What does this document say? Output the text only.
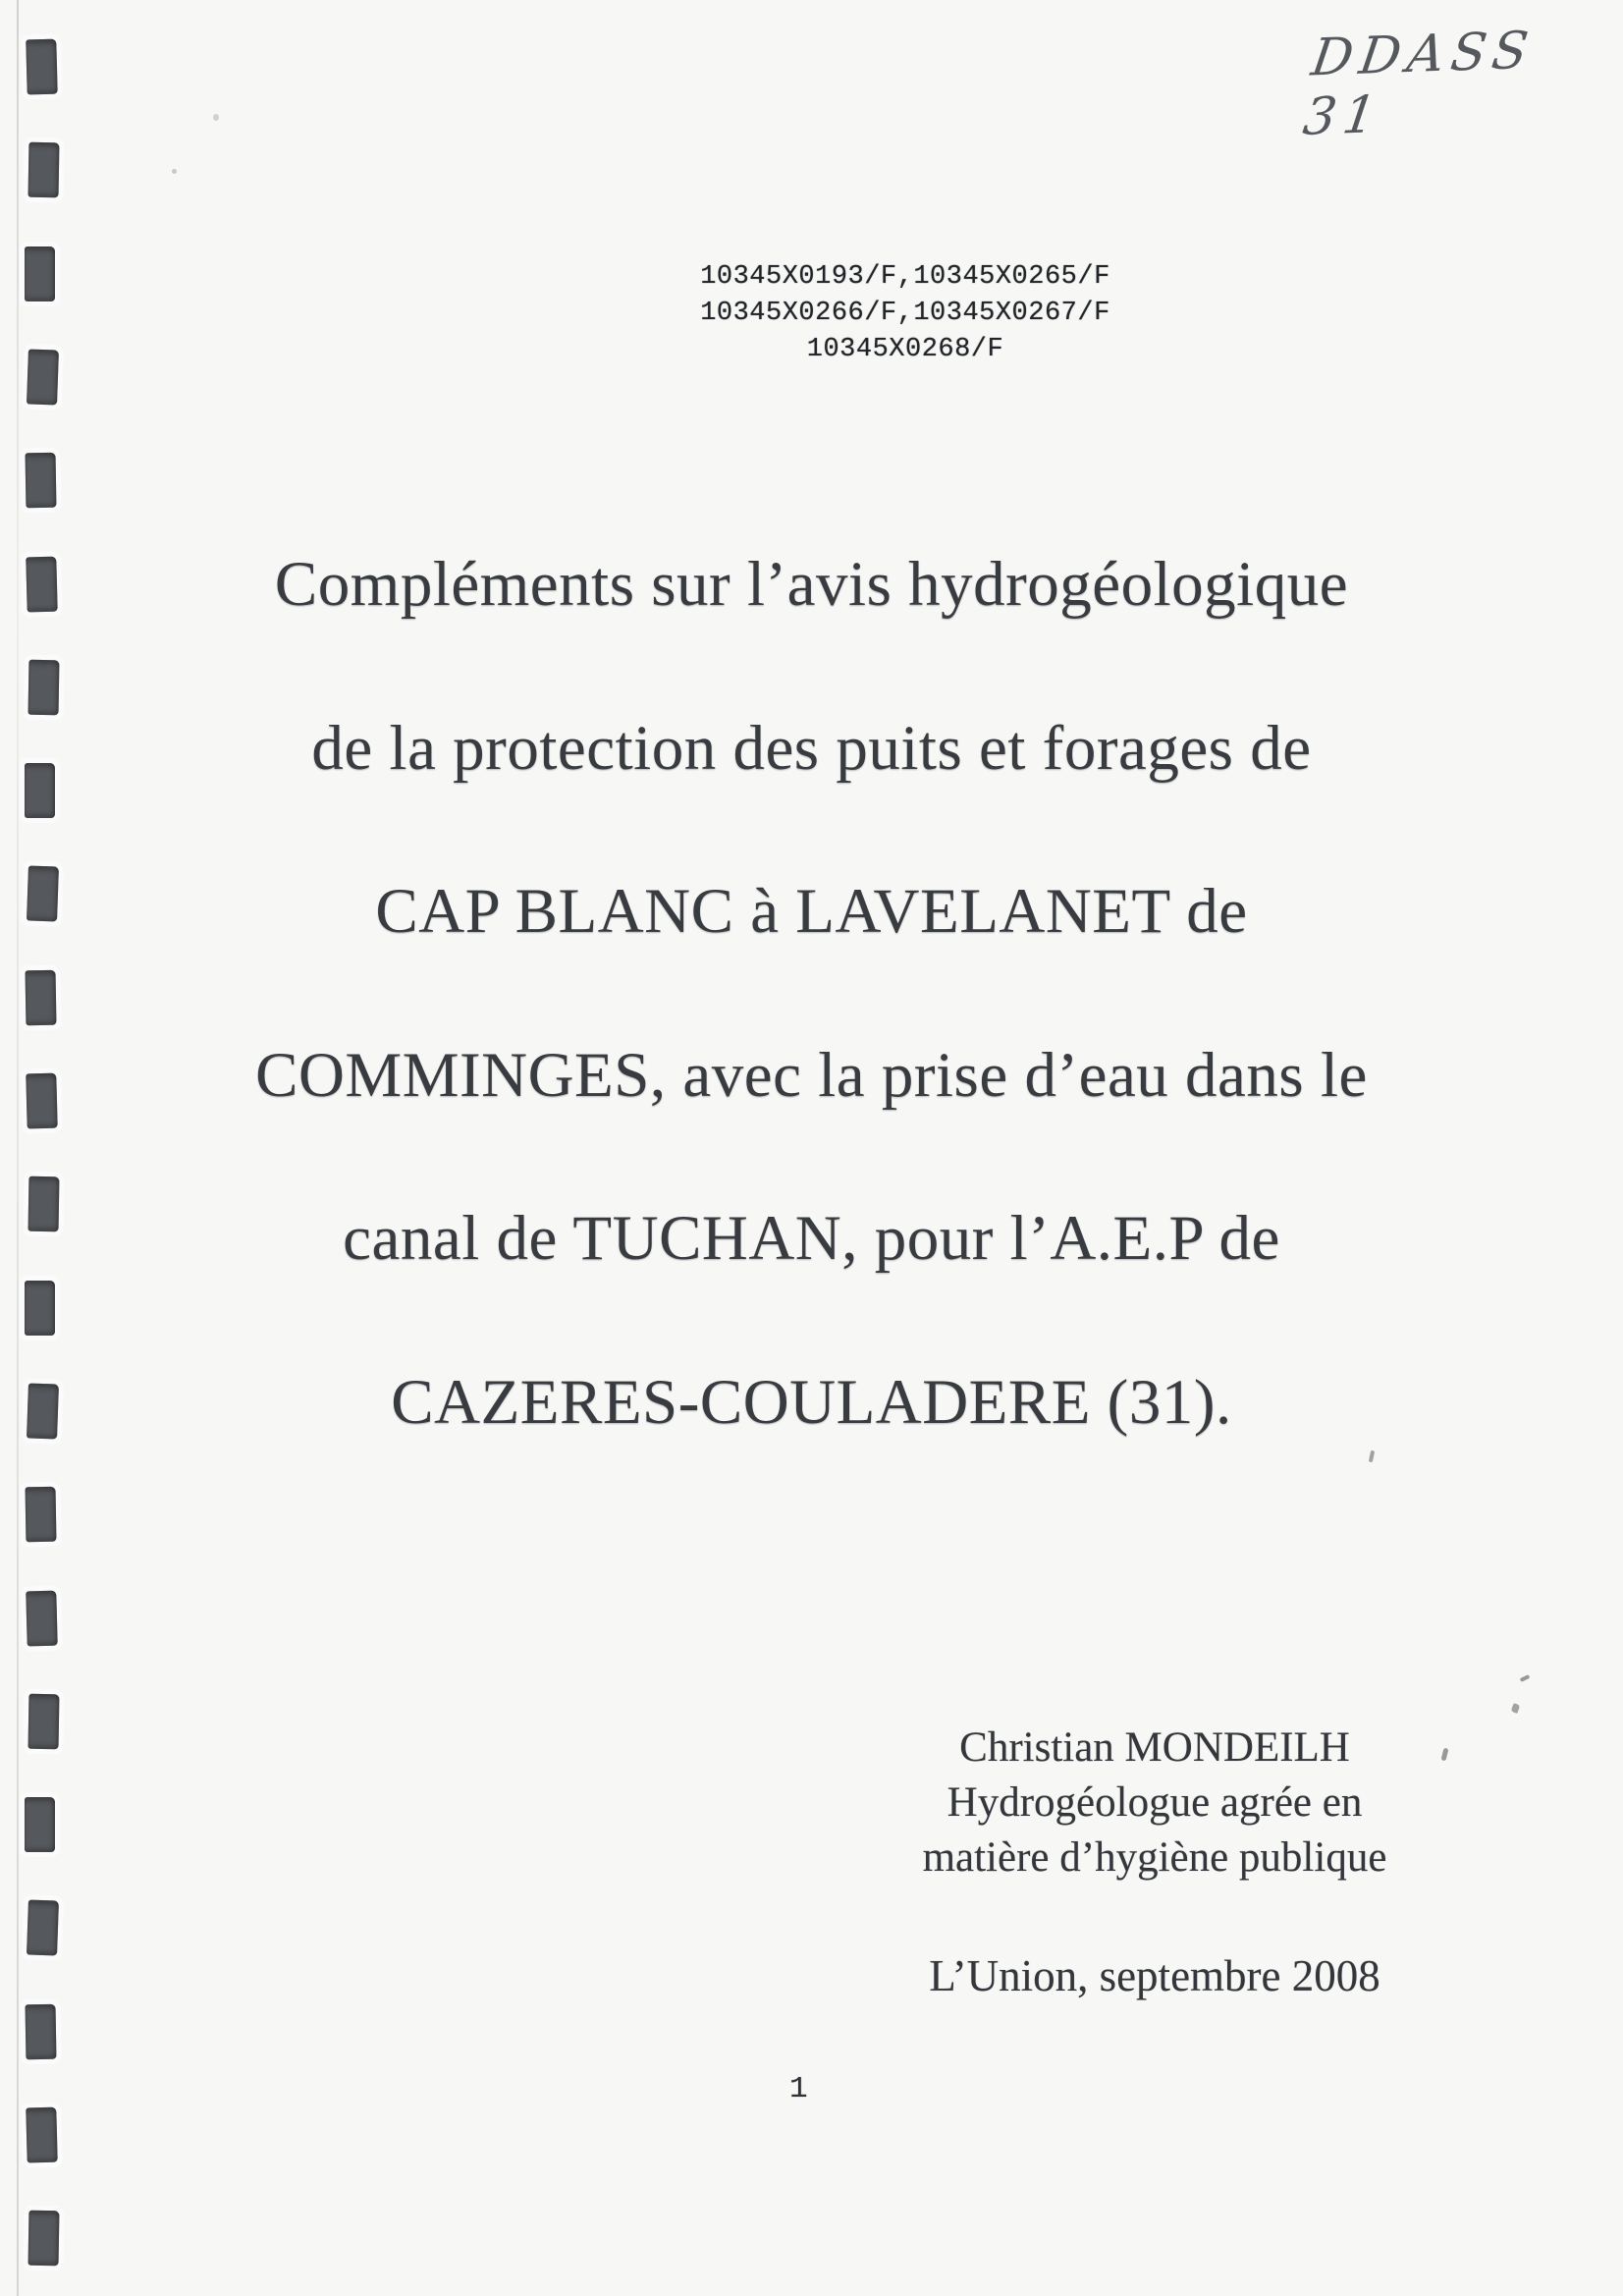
DDASS 31
10345X0193/F,10345X0265/F
10345X0266/F,10345X0267/F
10345X0268/F
Compléments sur l’avis hydrogéologique
de la protection des puits et forages de
CAP BLANC à LAVELANET de
COMMINGES, avec la prise d’eau dans le
canal de TUCHAN, pour l’A.E.P de
CAZERES-COULADERE (31).
Christian MONDEILH
Hydrogéologue agrée en
matière d’hygiène publique
L’Union, septembre 2008
1
